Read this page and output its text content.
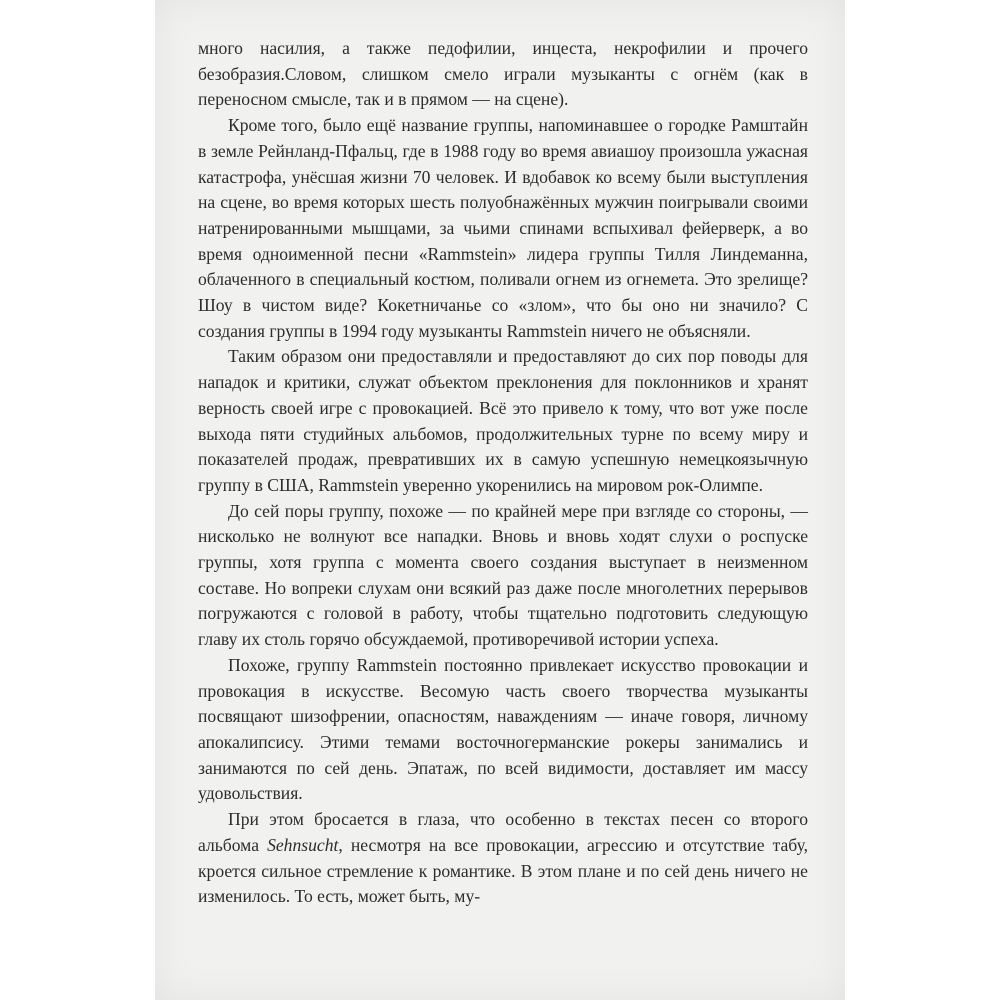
много насилия, а также педофилии, инцеста, некрофилии и прочего безобразия.Словом, слишком смело играли музыканты с огнём (как в переносном смысле, так и в прямом — на сцене).

Кроме того, было ещё название группы, напоминавшее о городке Рамштайн в земле Рейнланд-Пфальц, где в 1988 году во время авиашоу произошла ужасная катастрофа, унёсшая жизни 70 человек. И вдобавок ко всему были выступления на сцене, во время которых шесть полуобнажённых мужчин поигрывали своими натренированными мышцами, за чьими спинами вспыхивал фейерверк, а во время одноименной песни «Rammstein» лидера группы Тилля Линдеманна, облаченного в специальный костюм, поливали огнем из огнемета. Это зрелище? Шоу в чистом виде? Кокетничанье со «злом», что бы оно ни значило? С создания группы в 1994 году музыканты Rammstein ничего не объясняли.

Таким образом они предоставляли и предоставляют до сих пор поводы для нападок и критики, служат объектом преклонения для поклонников и хранят верность своей игре с провокацией. Всё это привело к тому, что вот уже после выхода пяти студийных альбомов, продолжительных турне по всему миру и показателей продаж, превративших их в самую успешную немецкоязычную группу в США, Rammstein уверенно укоренились на мировом рок-Олимпе.

До сей поры группу, похоже — по крайней мере при взгляде со стороны, — нисколько не волнуют все нападки. Вновь и вновь ходят слухи о роспуске группы, хотя группа с момента своего создания выступает в неизменном составе. Но вопреки слухам они всякий раз даже после многолетних перерывов погружаются с головой в работу, чтобы тщательно подготовить следующую главу их столь горячо обсуждаемой, противоречивой истории успеха.

Похоже, группу Rammstein постоянно привлекает искусство провокации и провокация в искусстве. Весомую часть своего творчества музыканты посвящают шизофрении, опасностям, наваждениям — иначе говоря, личному апокалипсису. Этими темами восточногерманские рокеры занимались и занимаются по сей день. Эпатаж, по всей видимости, доставляет им массу удовольствия.

При этом бросается в глаза, что особенно в текстах песен со второго альбома Sehnsucht, несмотря на все провокации, агрессию и отсутствие табу, кроется сильное стремление к романтике. В этом плане и по сей день ничего не изменилось. То есть, может быть, му-
